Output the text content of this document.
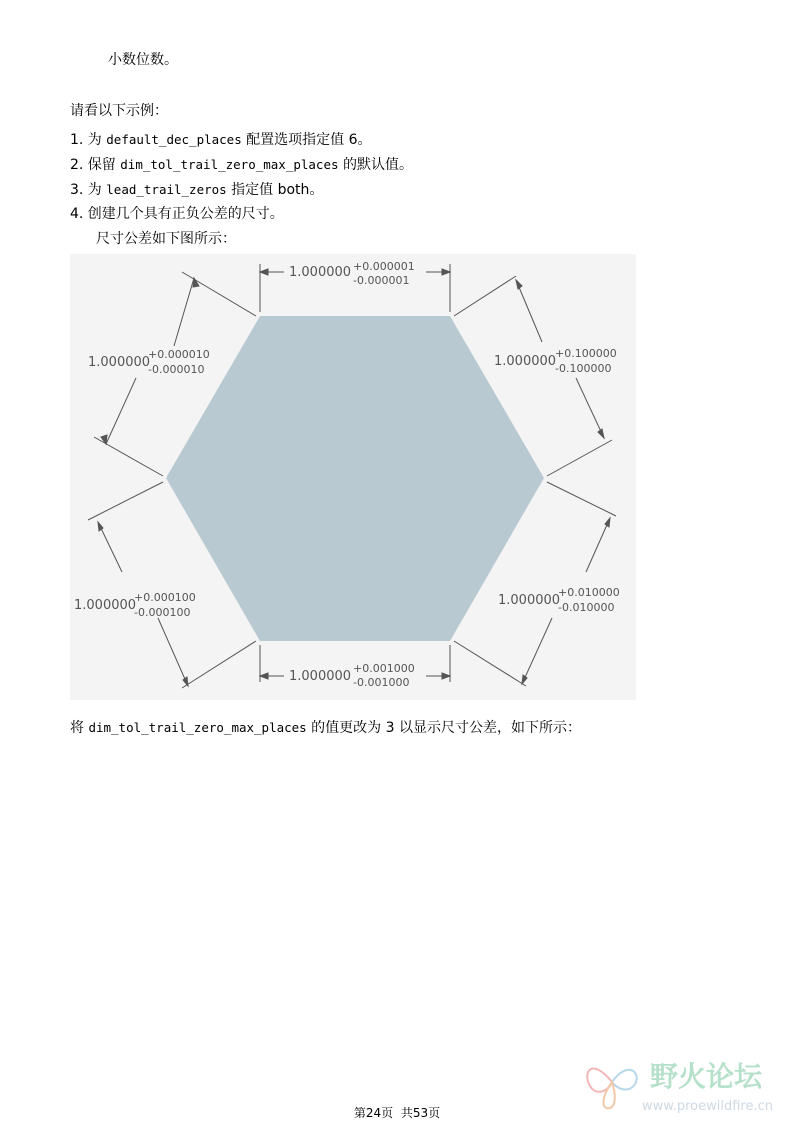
小数位数。
请看以下示例：
1. 为 default_dec_places 配置选项指定值 6。
2. 保留 dim_tol_trail_zero_max_places 的默认值。
3. 为 lead_trail_zeros 指定值 both。
4. 创建几个具有正负公差的尺寸。
尺寸公差如下图所示：
1.000000 +0.000001
-0.000001
1.000000
+0.000010
-0.000010
1.000000
+0.100000
-0.100000
1.000000
+0.000100
-0.000100
1.000000
+0.010000
-0.010000
1.000000
+0.001000
-0.001000
将 dim_tol_trail_zero_max_places 的值更改为 3 以显示尺寸公差，如下所示：
野火论坛
www.proewildfire.cn
第24页 共53页
